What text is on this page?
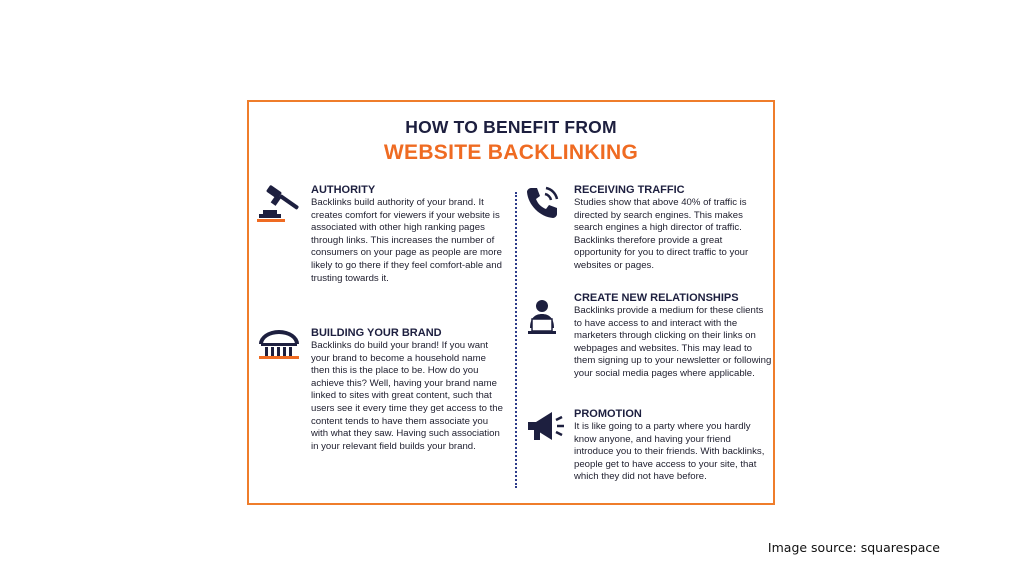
HOW TO BENEFIT FROM
WEBSITE BACKLINKING
AUTHORITY

Backlinks build authority of your brand. It creates comfort for viewers if your website is associated with other high ranking pages through links. This increases the number of consumers on your page as people are more likely to go there if they feel comfort-able and trusting towards it.

BUILDING YOUR BRAND

Backlinks do build your brand! If you want your brand to become a household name then this is the place to be. How do you achieve this? Well, having your brand name linked to sites with great content, such that users see it every time they get access to the content tends to have them associate you with what they saw. Having such association in your relevant field builds your brand.

RECEIVING TRAFFIC

Studies show that above 40% of traffic is directed by search engines. This makes search engines a high director of traffic. Backlinks therefore provide a great opportunity for you to direct traffic to your websites or pages.

CREATE NEW RELATIONSHIPS

Backlinks provide a medium for these clients to have access to and interact with the marketers through clicking on their links on webpages and websites. This may lead to them signing up to your newsletter or following your social media pages where applicable.

PROMOTION

It is like going to a party where you hardly know anyone, and having your friend introduce you to their friends. With backlinks, people get to have access to your site, that which they did not have before.

Image source: squarespace
